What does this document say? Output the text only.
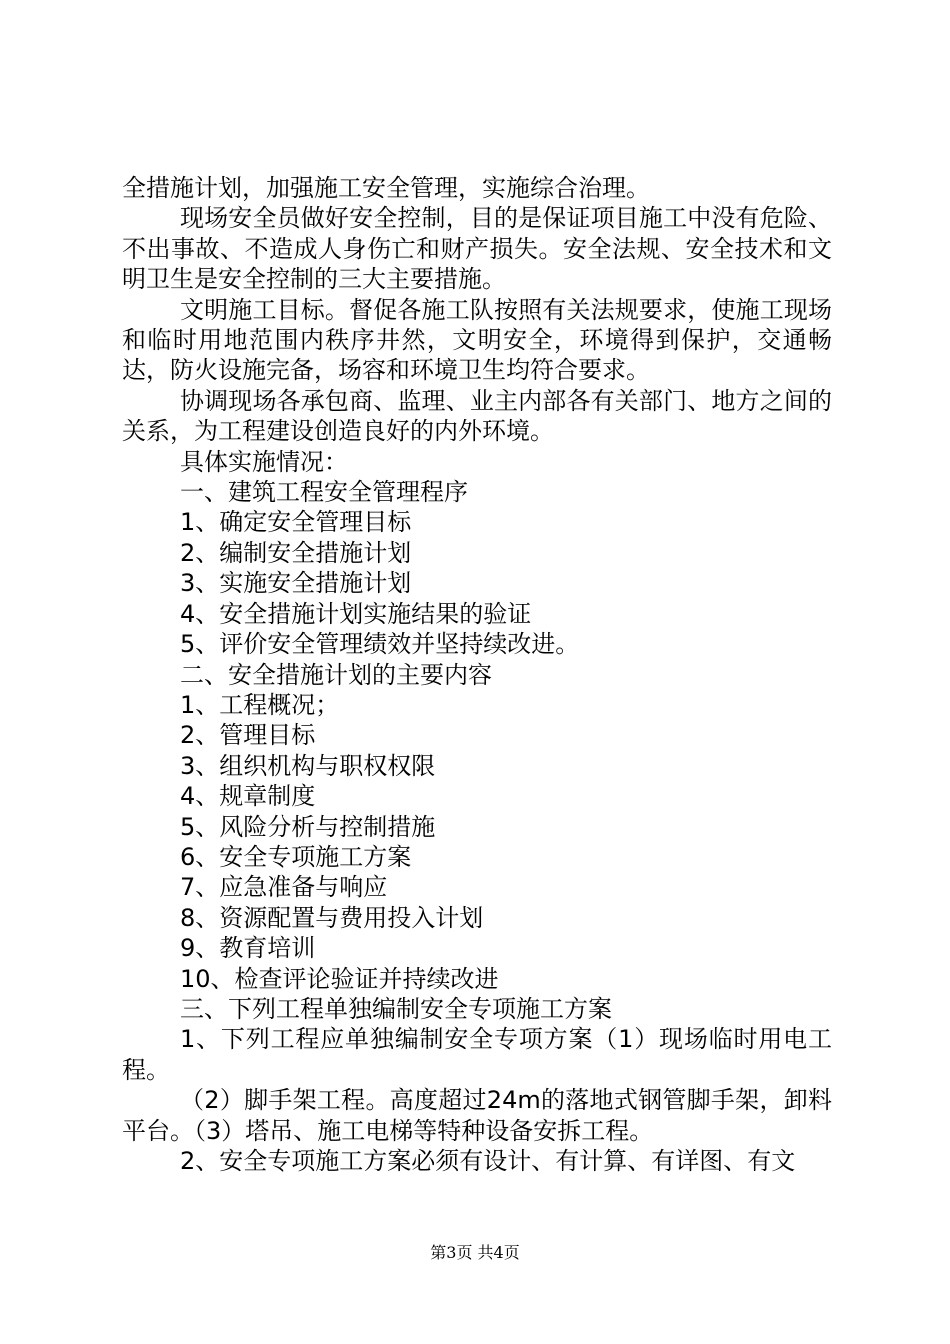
全措施计划，加强施工安全管理，实施综合治理。

现场安全员做好安全控制，目的是保证项目施工中没有危险、不出事故、不造成人身伤亡和财产损失。安全法规、安全技术和文明卫生是安全控制的三大主要措施。

文明施工目标。督促各施工队按照有关法规要求，使施工现场和临时用地范围内秩序井然，文明安全，环境得到保护，交通畅达，防火设施完备，场容和环境卫生均符合要求。

协调现场各承包商、监理、业主内部各有关部门、地方之间的关系，为工程建设创造良好的内外环境。

具体实施情况：

一、建筑工程安全管理程序

1、确定安全管理目标

2、编制安全措施计划

3、实施安全措施计划

4、安全措施计划实施结果的验证

5、评价安全管理绩效并坚持续改进。

二、安全措施计划的主要内容

1、工程概况；

2、管理目标

3、组织机构与职权权限

4、规章制度

5、风险分析与控制措施

6、安全专项施工方案

7、应急准备与响应

8、资源配置与费用投入计划

9、教育培训

10、检查评论验证并持续改进

三、下列工程单独编制安全专项施工方案

1、下列工程应单独编制安全专项方案（1）现场临时用电工程。

（2）脚手架工程。高度超过24m的落地式钢管脚手架，卸料平台。（3）塔吊、施工电梯等特种设备安拆工程。

2、安全专项施工方案必须有设计、有计算、有详图、有文

第3页 共4页
